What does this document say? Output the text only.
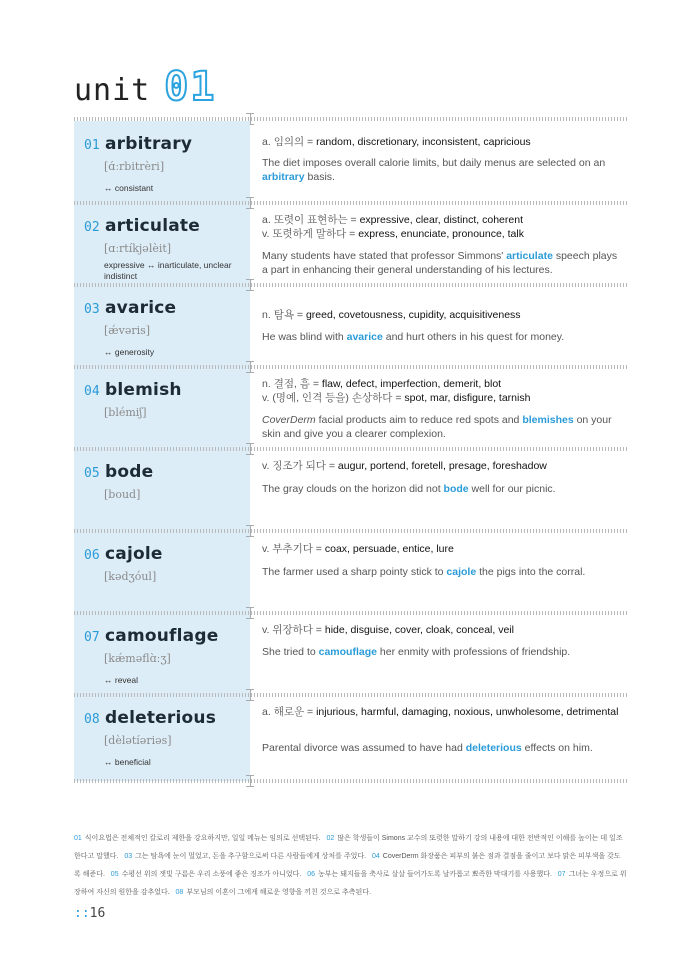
unit 01
01 arbitrary
[ɑ́ːrbitrèri]
↔ consistant
a. 임의의 = random, discretionary, inconsistent, capricious
The diet imposes overall calorie limits, but daily menus are selected on an arbitrary basis.
02 articulate
[ɑːrtíkjəlèit]
expressive ↔ inarticulate, unclear indistinct
a. 또렷이 표현하는 = expressive, clear, distinct, coherent
v. 또렷하게 말하다 = express, enunciate, pronounce, talk
Many students have stated that professor Simmons' articulate speech plays a part in enhancing their general understanding of his lectures.
03 avarice
[ǽvəris]
↔ generosity
n. 탐욕 = greed, covetousness, cupidity, acquisitiveness
He was blind with avarice and hurt others in his quest for money.
04 blemish
[blémiʃ]
n. 결점, 흠 = flaw, defect, imperfection, demerit, blot
v. (명예, 인격 등을) 손상하다 = spot, mar, disfigure, tarnish
CoverDerm facial products aim to reduce red spots and blemishes on your skin and give you a clearer complexion.
05 bode
[boud]
v. 징조가 되다 = augur, portend, foretell, presage, foreshadow
The gray clouds on the horizon did not bode well for our picnic.
06 cajole
[kədʒóul]
v. 부추기다 = coax, persuade, entice, lure
The farmer used a sharp pointy stick to cajole the pigs into the corral.
07 camouflage
[kǽməflɑ̀ːʒ]
↔ reveal
v. 위장하다 = hide, disguise, cover, cloak, conceal, veil
She tried to camouflage her enmity with professions of friendship.
08 deleterious
[dèlətíəriəs]
↔ beneficial
a. 해로운 = injurious, harmful, damaging, noxious, unwholesome, detrimental
Parental divorce was assumed to have had deleterious effects on him.
01 식이요법은 전체적인 칼로리 제한을 강요하지만, 일일 메뉴는 임의로 선택된다. 02 많은 학생들이 Simons 교수의 또렷한 말하기 강의 내용에 대한 전반적인 이해를 높이는 데 일조한다고 말했다. 03 그는 탐욕에 눈이 멀었고, 돈을 추구함으로써 다른 사람들에게 상처를 주었다. 04 CoverDerm 화장품은 피부의 붉은 점과 결점을 줄이고 보다 맑은 피부색을 갖도록 해준다. 05 수평선 위의 잿빛 구름은 우리 소풍에 좋은 징조가 아니었다. 06 농부는 돼지들을 축사로 살살 들어가도록 날카롭고 뾰족한 막대기를 사용했다. 07 그녀는 우정으로 위장하여 자신의 원한을 감추었다. 08 부모님의 이혼이 그에게 해로운 영향을 끼친 것으로 추측된다.
::16
